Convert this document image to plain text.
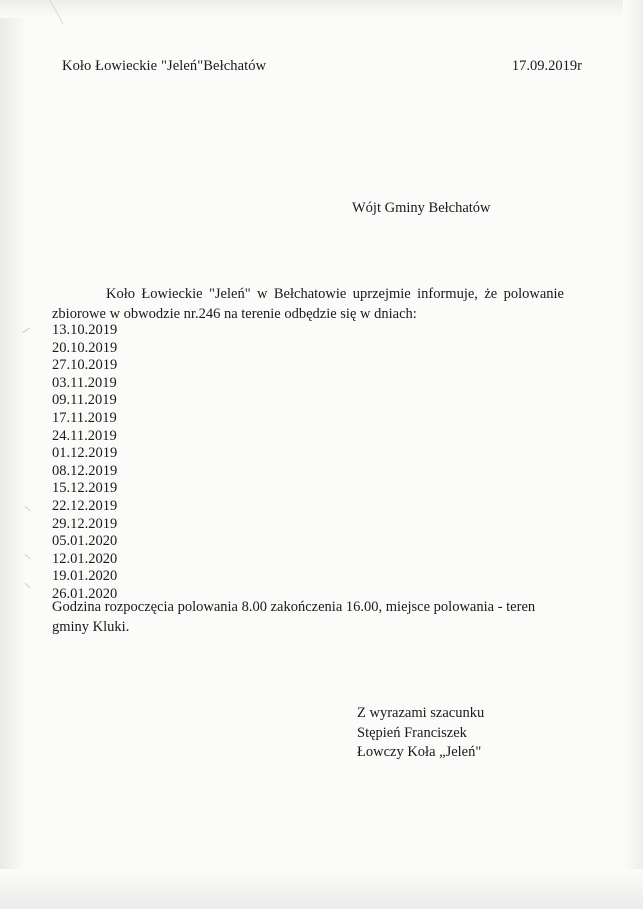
Koło Łowieckie "Jeleń"Bełchatów	17.09.2019r
Wójt Gminy Bełchatów
Koło Łowieckie "Jeleń" w Bełchatowie uprzejmie informuje, że polowanie zbiorowe w obwodzie nr.246 na terenie odbędzie się w dniach:
13.10.2019
20.10.2019
27.10.2019
03.11.2019
09.11.2019
17.11.2019
24.11.2019
01.12.2019
08.12.2019
15.12.2019
22.12.2019
29.12.2019
05.01.2020
12.01.2020
19.01.2020
26.01.2020
Godzina rozpoczęcia polowania 8.00 zakończenia 16.00, miejsce polowania - teren gminy Kluki.
Z wyrazami szacunku
Stępień Franciszek
Łowczy Koła „Jeleń"
